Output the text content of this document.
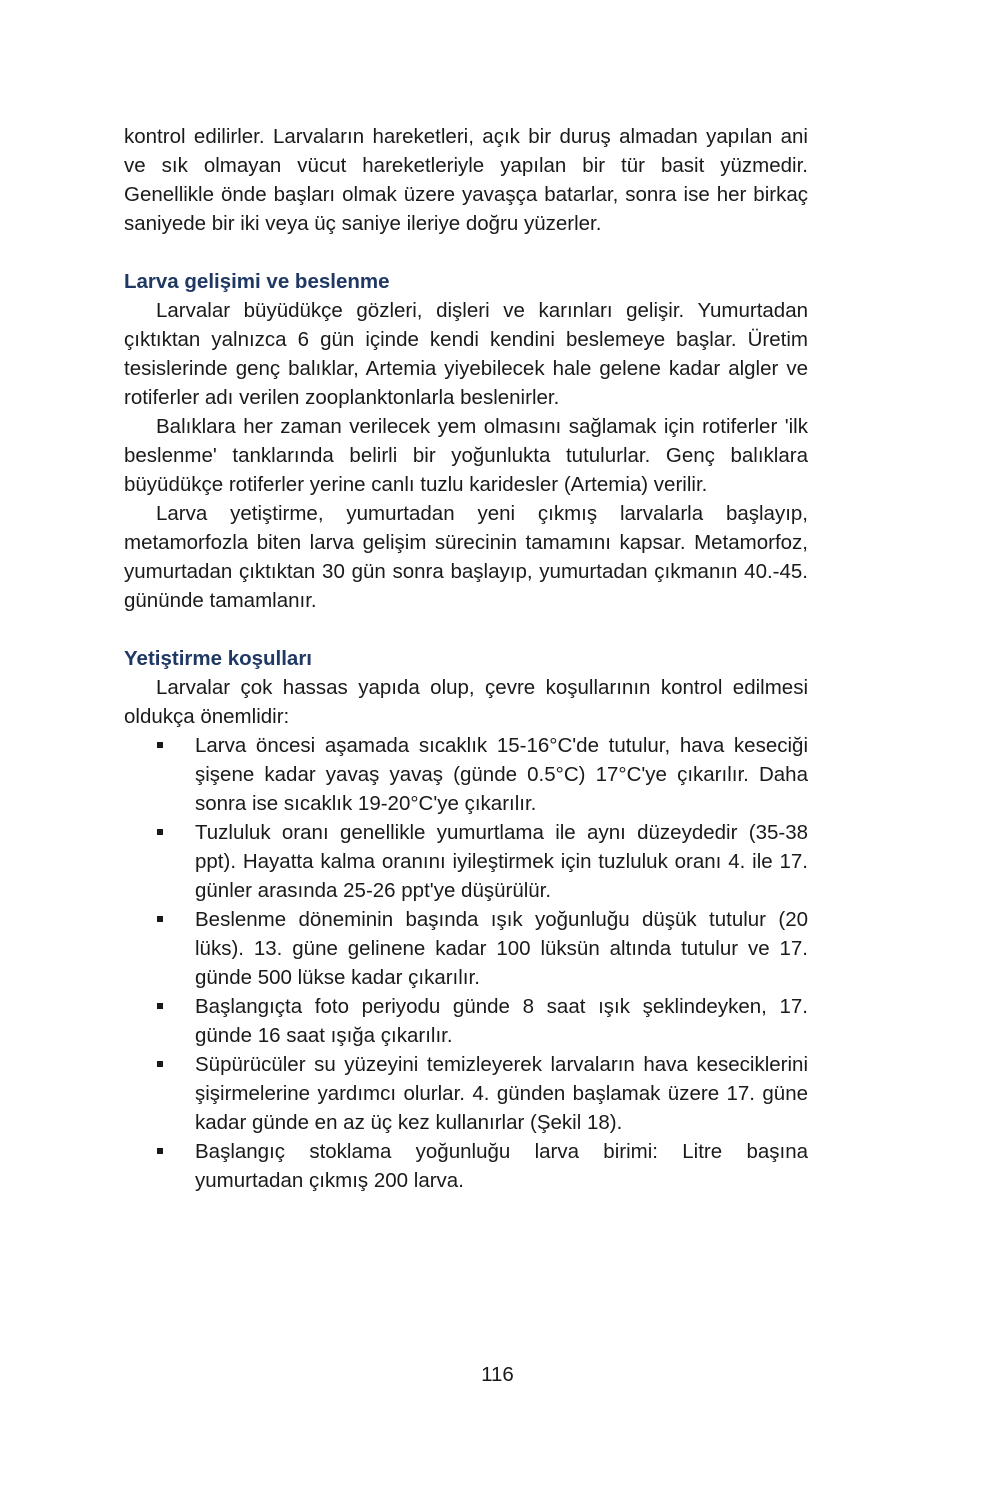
kontrol edilirler. Larvaların hareketleri, açık bir duruş almadan yapılan ani ve sık olmayan vücut hareketleriyle yapılan bir tür basit yüzmedir. Genellikle önde başları olmak üzere yavaşça batarlar, sonra ise her birkaç saniyede bir iki veya üç saniye ileriye doğru yüzerler.

Larva gelişimi ve beslenme

Larvalar büyüdükçe gözleri, dişleri ve karınları gelişir. Yumurtadan çıktıktan yalnızca 6 gün içinde kendi kendini beslemeye başlar. Üretim tesislerinde genç balıklar, Artemia yiyebilecek hale gelene kadar algler ve rotiferler adı verilen zooplanktonlarla beslenirler.

Balıklara her zaman verilecek yem olmasını sağlamak için rotiferler 'ilk beslenme' tanklarında belirli bir yoğunlukta tutulurlar. Genç balıklara büyüdükçe rotiferler yerine canlı tuzlu karidesler (Artemia) verilir.

Larva yetiştirme, yumurtadan yeni çıkmış larvalarla başlayıp, metamorfozla biten larva gelişim sürecinin tamamını kapsar. Metamorfoz, yumurtadan çıktıktan 30 gün sonra başlayıp, yumurtadan çıkmanın 40.-45. gününde tamamlanır.

Yetiştirme koşulları

Larvalar çok hassas yapıda olup, çevre koşullarının kontrol edilmesi oldukça önemlidir:

Larva öncesi aşamada sıcaklık 15-16°C'de tutulur, hava keseciği şişene kadar yavaş yavaş (günde 0.5°C) 17°C'ye çıkarılır. Daha sonra ise sıcaklık 19-20°C'ye çıkarılır.
Tuzluluk oranı genellikle yumurtlama ile aynı düzeydedir (35-38 ppt). Hayatta kalma oranını iyileştirmek için tuzluluk oranı 4. ile 17. günler arasında 25-26 ppt'ye düşürülür.
Beslenme döneminin başında ışık yoğunluğu düşük tutulur (20 lüks). 13. güne gelinene kadar 100 lüksün altında tutulur ve 17. günde 500 lükse kadar çıkarılır.
Başlangıçta foto periyodu günde 8 saat ışık şeklindeyken, 17. günde 16 saat ışığa çıkarılır.
Süpürücüler su yüzeyini temizleyerek larvaların hava keseciklerini şişirmelerine yardımcı olurlar. 4. günden başlamak üzere 17. güne kadar günde en az üç kez kullanırlar (Şekil 18).
Başlangıç stoklama yoğunluğu larva birimi: Litre başına yumurtadan çıkmış 200 larva.
116
